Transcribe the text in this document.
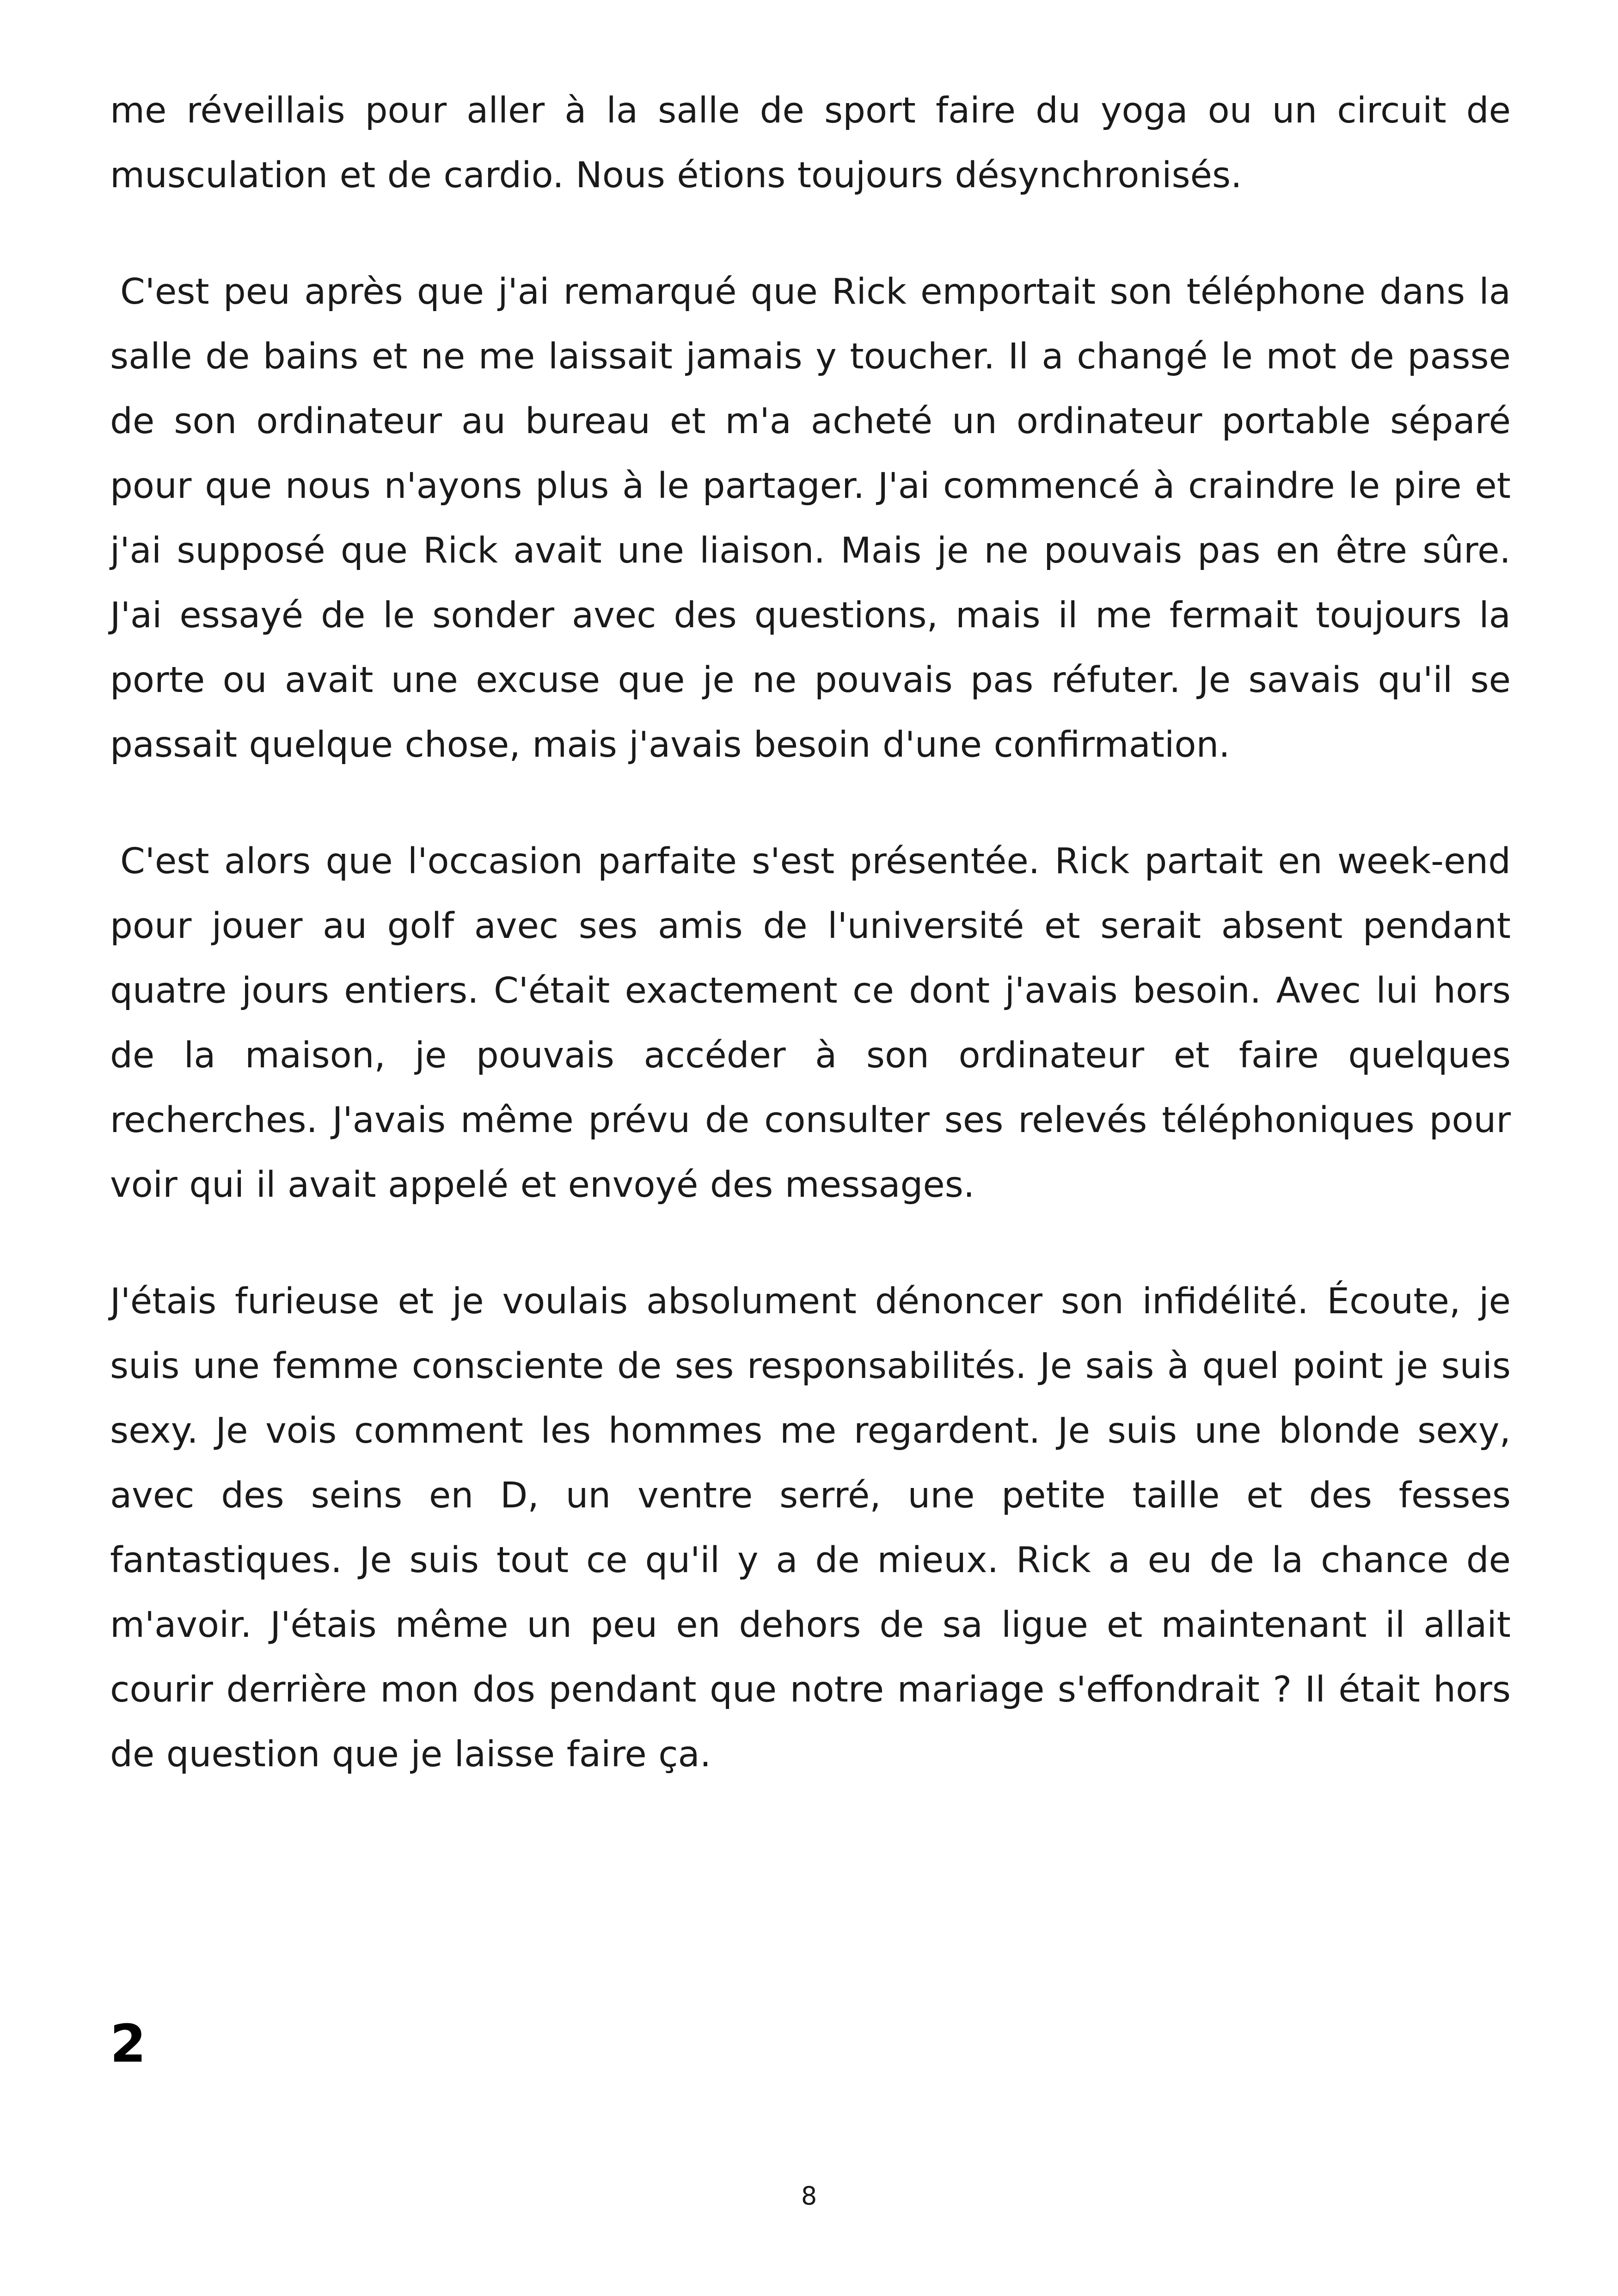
me réveillais pour aller à la salle de sport faire du yoga ou un circuit de musculation et de cardio. Nous étions toujours désynchronisés.

C'est peu après que j'ai remarqué que Rick emportait son téléphone dans la salle de bains et ne me laissait jamais y toucher. Il a changé le mot de passe de son ordinateur au bureau et m'a acheté un ordinateur portable séparé pour que nous n'ayons plus à le partager. J'ai commencé à craindre le pire et j'ai supposé que Rick avait une liaison. Mais je ne pouvais pas en être sûre. J'ai essayé de le sonder avec des questions, mais il me fermait toujours la porte ou avait une excuse que je ne pouvais pas réfuter. Je savais qu'il se passait quelque chose, mais j'avais besoin d'une confirmation.

C'est alors que l'occasion parfaite s'est présentée. Rick partait en week-end pour jouer au golf avec ses amis de l'université et serait absent pendant quatre jours entiers. C'était exactement ce dont j'avais besoin. Avec lui hors de la maison, je pouvais accéder à son ordinateur et faire quelques recherches. J'avais même prévu de consulter ses relevés téléphoniques pour voir qui il avait appelé et envoyé des messages.

J'étais furieuse et je voulais absolument dénoncer son infidélité. Écoute, je suis une femme consciente de ses responsabilités. Je sais à quel point je suis sexy. Je vois comment les hommes me regardent. Je suis une blonde sexy, avec des seins en D, un ventre serré, une petite taille et des fesses fantastiques. Je suis tout ce qu'il y a de mieux. Rick a eu de la chance de m'avoir. J'étais même un peu en dehors de sa ligue et maintenant il allait courir derrière mon dos pendant que notre mariage s'effondrait ? Il était hors de question que je laisse faire ça.

2
8
